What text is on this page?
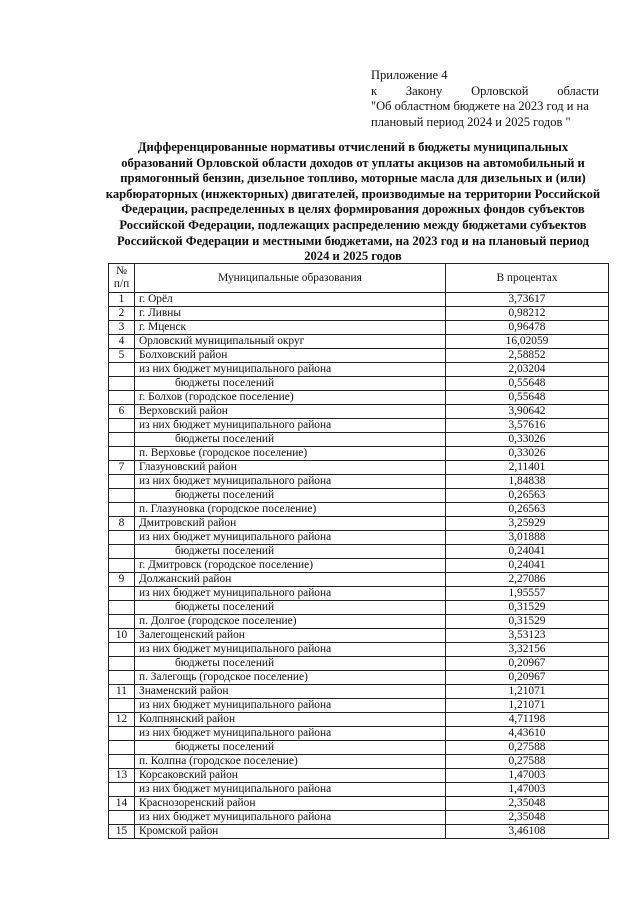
Приложение 4
к Закону Орловской области
"Об областном бюджете на 2023 год и на
плановый период 2024 и 2025 годов "
Дифференцированные нормативы отчислений в бюджеты муниципальных
образований Орловской области доходов от уплаты акцизов на автомобильный и
прямогонный бензин, дизельное топливо, моторные масла для дизельных и (или)
карбюраторных (инжекторных) двигателей, производимые на территории Российской
Федерации, распределенных в целях формирования дорожных фондов субъектов
Российской Федерации, подлежащих распределению между бюджетами субъектов
Российской Федерации и местными бюджетами, на 2023 год и на плановый период
2024 и 2025 годов
№
п/п	Муниципальные образования	В процентах
1	г. Орёл	3,73617
2	г. Ливны	0,98212
3	г. Мценск	0,96478
4	Орловский муниципальный округ	16,02059
5	Болховский район	2,58852
	из них бюджет муниципального района	2,03204
	бюджеты поселений	0,55648
	г. Болхов (городское поселение)	0,55648
6	Верховский район	3,90642
	из них бюджет муниципального района	3,57616
	бюджеты поселений	0,33026
	п. Верховье (городское поселение)	0,33026
7	Глазуновский район	2,11401
	из них бюджет муниципального района	1,84838
	бюджеты поселений	0,26563
	п. Глазуновка (городское поселение)	0,26563
8	Дмитровский район	3,25929
	из них бюджет муниципального района	3,01888
	бюджеты поселений	0,24041
	г. Дмитровск (городское поселение)	0,24041
9	Должанский район	2,27086
	из них бюджет муниципального района	1,95557
	бюджеты поселений	0,31529
	п. Долгое (городское поселение)	0,31529
10	Залегощенский район	3,53123
	из них бюджет муниципального района	3,32156
	бюджеты поселений	0,20967
	п. Залегощь (городское поселение)	0,20967
11	Знаменский район	1,21071
	из них бюджет муниципального района	1,21071
12	Колпнянский район	4,71198
	из них бюджет муниципального района	4,43610
	бюджеты поселений	0,27588
	п. Колпна (городское поселение)	0,27588
13	Корсаковский район	1,47003
	из них бюджет муниципального района	1,47003
14	Краснозоренский район	2,35048
	из них бюджет муниципального района	2,35048
15	Кромской район	3,46108
